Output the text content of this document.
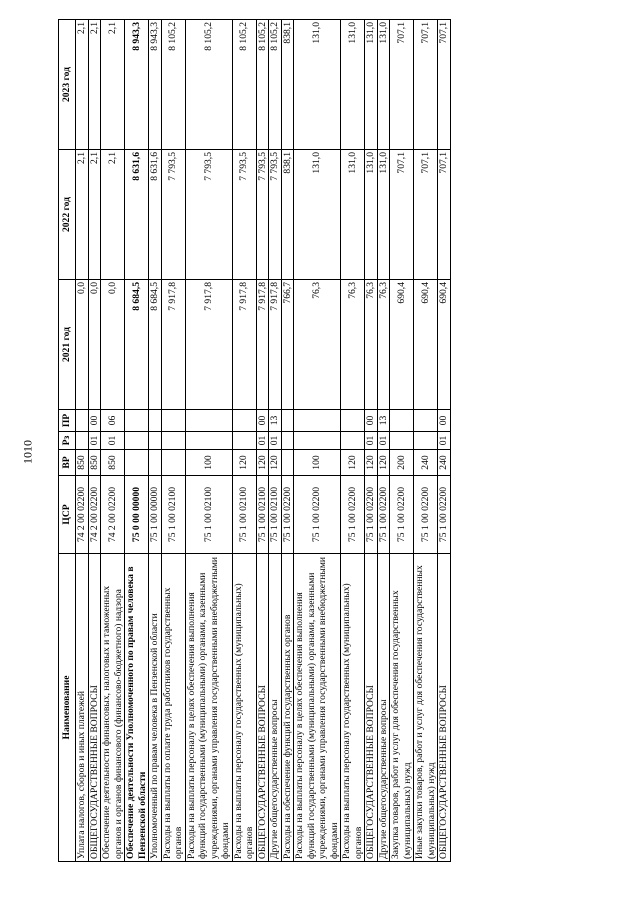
1010
Наименование	ЦСР	ВР	Рз	ПР	2021 год	2022 год	2023 год
Уплата налогов, сборов и иных платежей	74 2 00 02200	850			0,0	2,1	2,1
ОБЩЕГОСУДАРСТВЕННЫЕ ВОПРОСЫ	74 2 00 02200	850	01	00	0,0	2,1	2,1
Обеспечение деятельности финансовых, налоговых и таможенных органов и органов финансового (финансово-бюджетного) надзора	74 2 00 02200	850	01	06	0,0	2,1	2,1
Обеспечение деятельности Уполномоченного по правам человека в Пензенской области	75 0 00 00000				8 684,5	8 631,6	8 943,3
Уполномоченный по правам человека в Пензенской области	75 1 00 00000				8 684,5	8 631,6	8 943,3
Расходы на выплаты по оплате труда работников государственных органов	75 1 00 02100				7 917,8	7 793,5	8 105,2
Расходы на выплаты персоналу в целях обеспечения выполнения функций государственными (муниципальными) органами, казенными учреждениями, органами управления государственными внебюджетными фондами	75 1 00 02100	100			7 917,8	7 793,5	8 105,2
Расходы на выплаты персоналу государственных (муниципальных) органов	75 1 00 02100	120			7 917,8	7 793,5	8 105,2
ОБЩЕГОСУДАРСТВЕННЫЕ ВОПРОСЫ	75 1 00 02100	120	01	00	7 917,8	7 793,5	8 105,2
Другие общегосударственные вопросы	75 1 00 02100	120	01	13	7 917,8	7 793,5	8 105,2
Расходы на обеспечение функций государственных органов	75 1 00 02200				766,7	838,1	838,1
Расходы на выплаты персоналу в целях обеспечения выполнения функций государственными (муниципальными) органами, казенными учреждениями, органами управления государственными внебюджетными фондами	75 1 00 02200	100			76,3	131,0	131,0
Расходы на выплаты персоналу государственных (муниципальных) органов	75 1 00 02200	120			76,3	131,0	131,0
ОБЩЕГОСУДАРСТВЕННЫЕ ВОПРОСЫ	75 1 00 02200	120	01	00	76,3	131,0	131,0
Другие общегосударственные вопросы	75 1 00 02200	120	01	13	76,3	131,0	131,0
Закупка товаров, работ и услуг для обеспечения государственных (муниципальных) нужд	75 1 00 02200	200			690,4	707,1	707,1
Иные закупки товаров, работ и услуг для обеспечения государственных (муниципальных) нужд	75 1 00 02200	240			690,4	707,1	707,1
ОБЩЕГОСУДАРСТВЕННЫЕ ВОПРОСЫ	75 1 00 02200	240	01	00	690,4	707,1	707,1
